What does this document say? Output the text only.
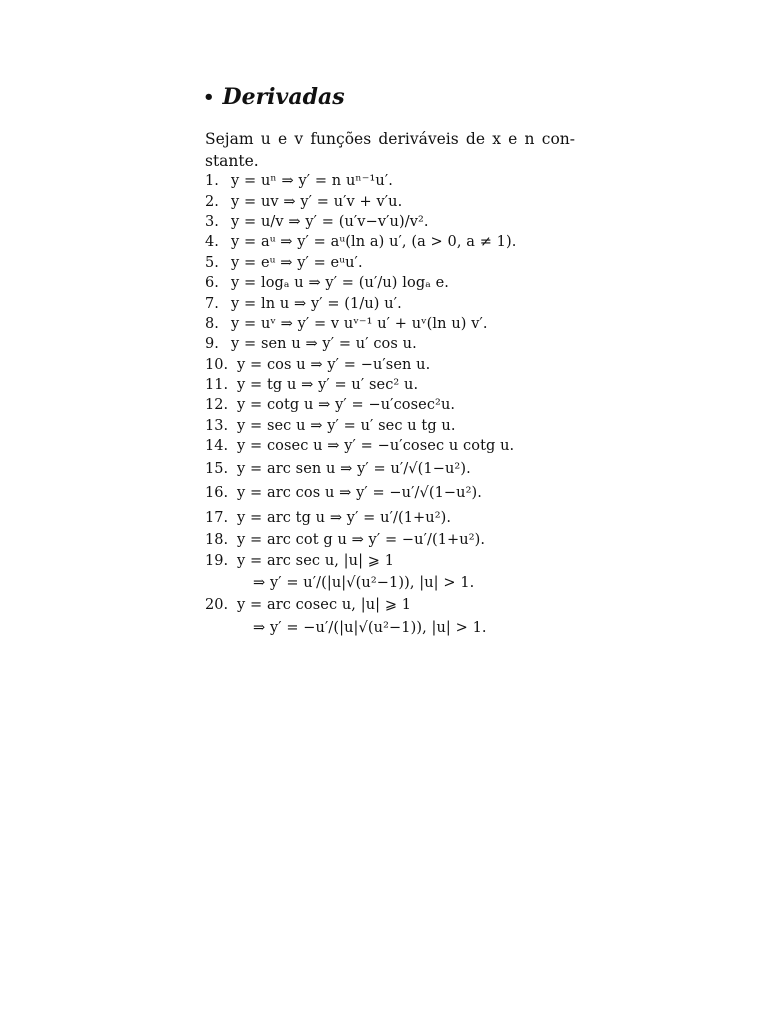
• Derivadas
Sejam u e v funções deriváveis de x e n con-
stante.
1. y = uⁿ ⇒ y′ = n uⁿ⁻¹u′.
2. y = uv ⇒ y′ = u′v + v′u.
3. y = u/v ⇒ y′ = (u′v−v′u)/v².
4. y = aᵘ ⇒ y′ = aᵘ(ln a) u′, (a > 0, a ≠ 1).
5. y = eᵘ ⇒ y′ = eᵘu′.
6. y = logₐ u ⇒ y′ = (u′/u) logₐ e.
7. y = ln u ⇒ y′ = (1/u) u′.
8. y = uᵛ ⇒ y′ = v uᵛ⁻¹ u′ + uᵛ(ln u) v′.
9. y = sen u ⇒ y′ = u′ cos u.
10. y = cos u ⇒ y′ = −u′sen u.
11. y = tg u ⇒ y′ = u′ sec² u.
12. y = cotg u ⇒ y′ = −u′cosec²u.
13. y = sec u ⇒ y′ = u′ sec u tg u.
14. y = cosec u ⇒ y′ = −u′cosec u cotg u.
15. y = arc sen u ⇒ y′ = u′/√(1−u²).
16. y = arc cos u ⇒ y′ = −u′/√(1−u²).
17. y = arc tg u ⇒ y′ = u′/(1+u²).
18. y = arc cot g u ⇒ y′ = −u′/(1+u²).
19. y = arc sec u, |u| ⩾ 1
⇒ y′ = u′/(|u|√(u²−1)), |u| > 1.
20. y = arc cosec u, |u| ⩾ 1
⇒ y′ = −u′/(|u|√(u²−1)), |u| > 1.
